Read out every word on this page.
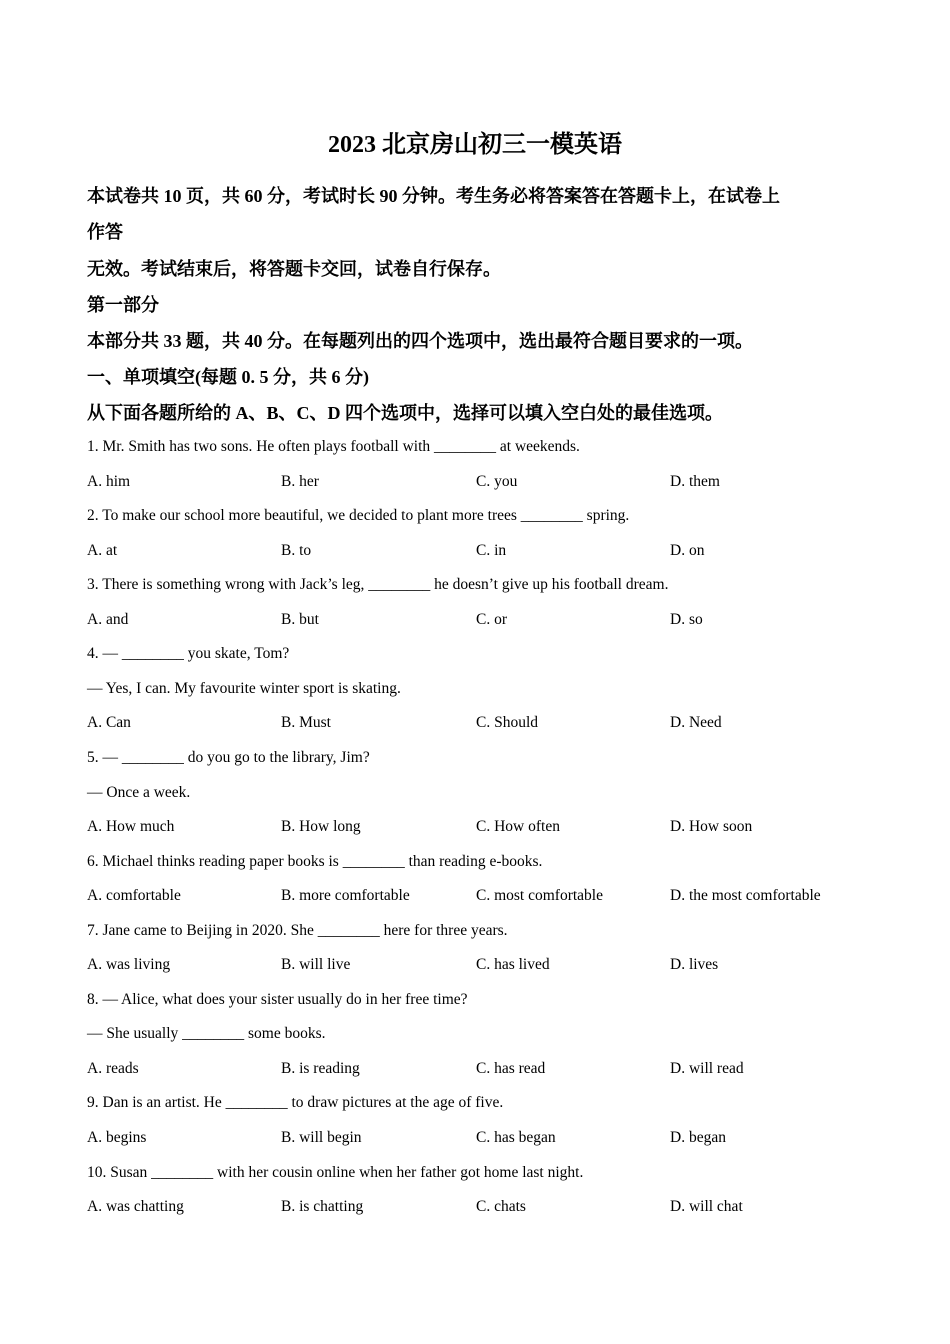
2023 北京房山初三一模英语
本试卷共 10 页，共 60 分，考试时长 90 分钟。考生务必将答案答在答题卡上，在试卷上
作答
无效。考试结束后，将答题卡交回，试卷自行保存。
第一部分
本部分共 33 题，共 40 分。在每题列出的四个选项中，选出最符合题目要求的一项。
一、单项填空(每题 0. 5 分，共 6 分)
从下面各题所给的 A、B、C、D 四个选项中，选择可以填入空白处的最佳选项。
1. Mr. Smith has two sons. He often plays football with ________ at weekends.
A. him	B. her	C. you	D. them
2. To make our school more beautiful, we decided to plant more trees ________ spring.
A. at	B. to	C. in	D. on
3. There is something wrong with Jack’s leg, ________ he doesn’t give up his football dream.
A. and	B. but	C. or	D. so
4. — ________ you skate, Tom?
— Yes, I can. My favourite winter sport is skating.
A. Can	B. Must	C. Should	D. Need
5. — ________ do you go to the library, Jim?
— Once a week.
A. How much	B. How long	C. How often	D. How soon
6. Michael thinks reading paper books is ________ than reading e-books.
A. comfortable	B. more comfortable	C. most comfortable	D. the most comfortable
7. Jane came to Beijing in 2020. She ________ here for three years.
A. was living	B. will live	C. has lived	D. lives
8. — Alice, what does your sister usually do in her free time?
— She usually ________ some books.
A. reads	B. is reading	C. has read	D. will read
9. Dan is an artist. He ________ to draw pictures at the age of five.
A. begins	B. will begin	C. has began	D. began
10. Susan ________ with her cousin online when her father got home last night.
A. was chatting	B. is chatting	C. chats	D. will chat
